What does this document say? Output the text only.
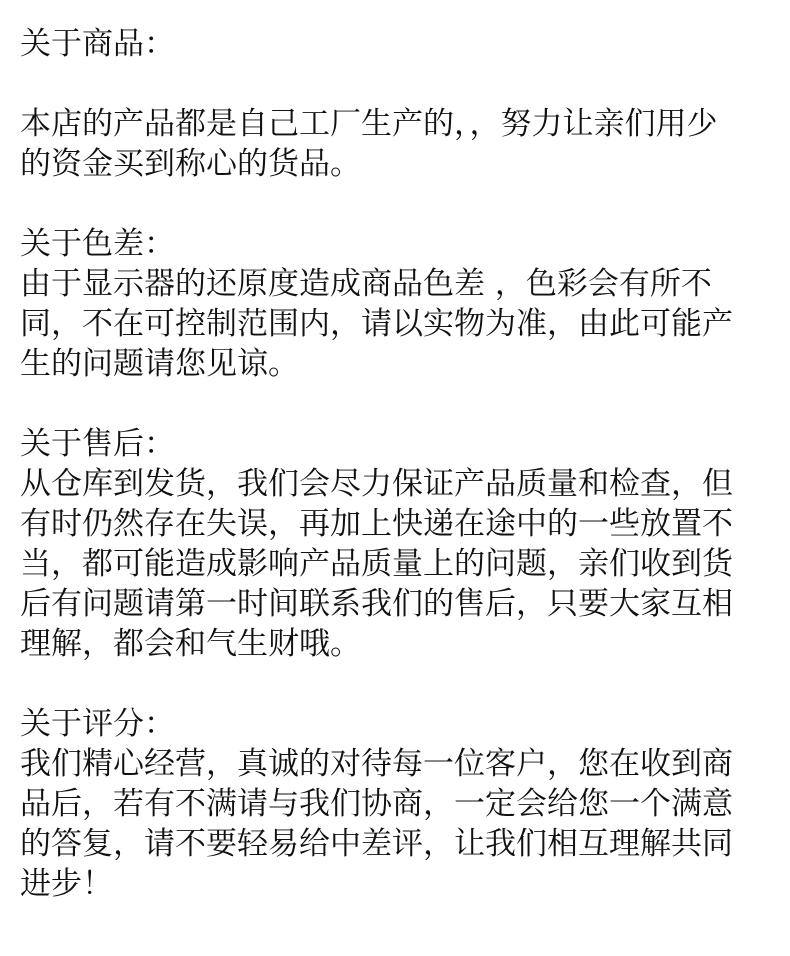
关于商品：
本店的产品都是自己工厂生产的，，努力让亲们用少
的资金买到称心的货品。
关于色差：
由于显示器的还原度造成商品色差 ，色彩会有所不
同，不在可控制范围内，请以实物为准，由此可能产
生的问题请您见谅。
关于售后：
从仓库到发货，我们会尽力保证产品质量和检查，但
有时仍然存在失误，再加上快递在途中的一些放置不
当，都可能造成影响产品质量上的问题，亲们收到货
后有问题请第一时间联系我们的售后，只要大家互相
理解，都会和气生财哦。
关于评分：
我们精心经营，真诚的对待每一位客户，您在收到商
品后，若有不满请与我们协商，一定会给您一个满意
的答复，请不要轻易给中差评，让我们相互理解共同
进步！
